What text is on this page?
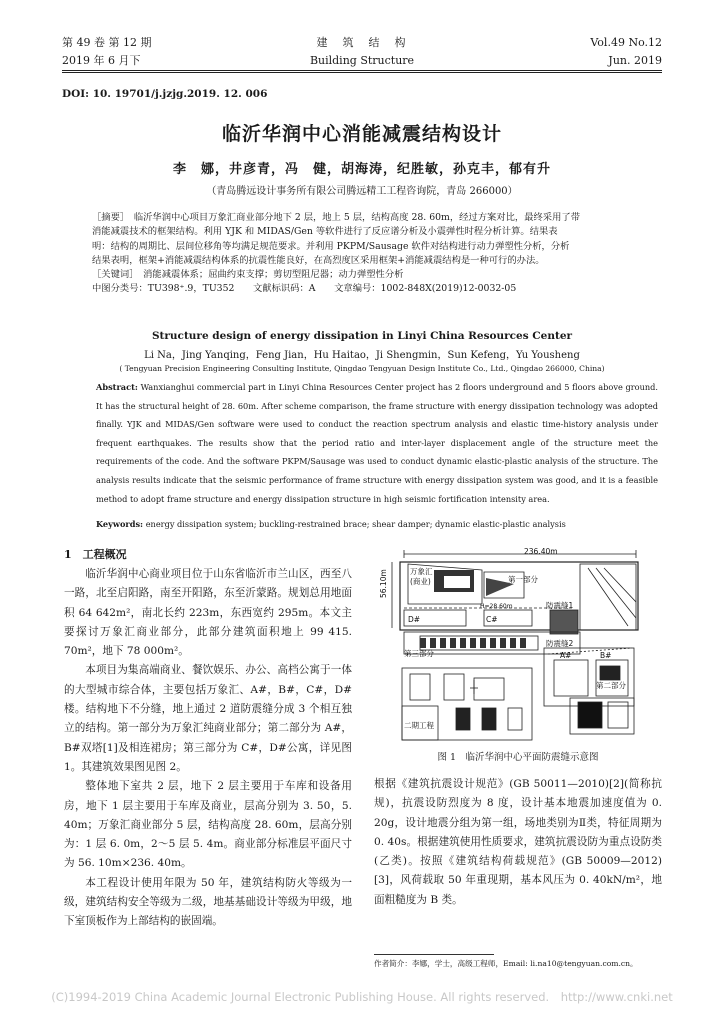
第 49 卷 第 12 期
2019 年 6 月下
建　筑　结　构
Building Structure
Vol.49 No.12
Jun. 2019
DOI: 10. 19701/j.jzjg.2019. 12. 006
临沂华润中心消能减震结构设计
李　娜，井彦青，冯　健，胡海涛，纪胜敏，孙克丰，郁有升
（青岛腾远设计事务所有限公司腾远精工工程咨询院，青岛 266000）

［摘要］　临沂华润中心项目万象汇商业部分地下 2 层，地上 5 层，结构高度 28. 60m，经过方案对比，最终采用了带

消能减震技术的框架结构。利用 YJK 和 MIDAS/Gen 等软件进行了反应谱分析及小震弹性时程分析计算。结果表

明：结构的周期比、层间位移角等均满足规范要求。并利用 PKPM/Sausage 软件对结构进行动力弹塑性分析，分析

结果表明，框架+消能减震结构体系的抗震性能良好，在高烈度区采用框架+消能减震结构是一种可行的办法。

［关键词］　消能减震体系；屈曲约束支撑；剪切型阻尼器；动力弹塑性分析

中图分类号：TU398⁺.9，TU352　　文献标识码：A　　文章编号：1002-848X(2019)12-0032-05

Structure design of energy dissipation in Linyi China Resources Center
Li Na，Jing Yanqing，Feng Jian，Hu Haitao，Ji Shengmin，Sun Kefeng，Yu Yousheng
( Tengyuan Precision Engineering Consulting Institute, Qingdao Tengyuan Design Institute Co., Ltd., Qingdao 266000, China)
Abstract: Wanxianghui commercial part in Linyi China Resources Center project has 2 floors underground and 5 floors above ground. It has the structural height of 28. 60m. After scheme comparison, the frame structure with energy dissipation technology was adopted finally. YJK and MIDAS/Gen software were used to conduct the reaction spectrum analysis and elastic time-history analysis under frequent earthquakes. The results show that the period ratio and inter-layer displacement angle of the structure meet the requirements of the code. And the software PKPM/Sausage was used to conduct dynamic elastic-plastic analysis of the structure. The analysis results indicate that the seismic performance of frame structure with energy dissipation system was good, and it is a feasible method to adopt frame structure and energy dissipation structure in high seismic fortification intensity area.
Keywords: energy dissipation system; buckling-restrained brace; shear damper; dynamic elastic-plastic analysis
1　工程概况

临沂华润中心商业项目位于山东省临沂市兰山区，西至八一路，北至启阳路，南至开阳路，东至沂蒙路。规划总用地面积 64 642m²，南北长约 223m，东西宽约 295m。本文主要探讨万象汇商业部分，此部分建筑面积地上 99 415. 70m²，地下 78 000m²。

本项目为集高端商业、餐饮娱乐、办公、高档公寓于一体的大型城市综合体，主要包括万象汇、A#，B#，C#，D#楼。结构地下不分缝，地上通过 2 道防震缝分成 3 个相互独立的结构。第一部分为万象汇纯商业部分；第二部分为 A#，B#双塔[1]及相连裙房；第三部分为 C#，D#公寓，详见图 1。其建筑效果图见图 2。

整体地下室共 2 层，地下 2 层主要用于车库和设备用房，地下 1 层主要用于车库及商业，层高分别为 3. 50，5. 40m；万象汇商业部分 5 层，结构高度 28. 60m，层高分别为：1 层 6. 0m，2～5 层 5. 4m。商业部分标准层平面尺寸为 56. 10m×236. 40m。

本工程设计使用年限为 50 年，建筑结构防火等级为一级，建筑结构安全等级为二级，地基基础设计等级为甲级，地下室顶板作为上部结构的嵌固端。

236.40m
56.10m	万象汇
(商业)	第一部分
H=28.60m	防震缝1
防震缝2
D#	C#
A#	B#
第二部分
第三部分
二期工程
图 1　临沂华润中心平面防震缝示意图

根据《建筑抗震设计规范》(GB 50011—2010)[2](简称抗规)，抗震设防烈度为 8 度，设计基本地震加速度值为 0. 20g，设计地震分组为第一组，场地类别为Ⅱ类，特征周期为 0. 40s。根据建筑使用性质要求，建筑抗震设防为重点设防类(乙类)。按照《建筑结构荷载规范》(GB 50009—2012)[3]，风荷载取 50 年重现期，基本风压为 0. 40kN/m²，地面粗糙度为 B 类。

作者简介：李娜，学士，高级工程师，Email: li.na10@tengyuan.com.cn。
(C)1994-2019 China Academic Journal Electronic Publishing House. All rights reserved.　http://www.cnki.net
